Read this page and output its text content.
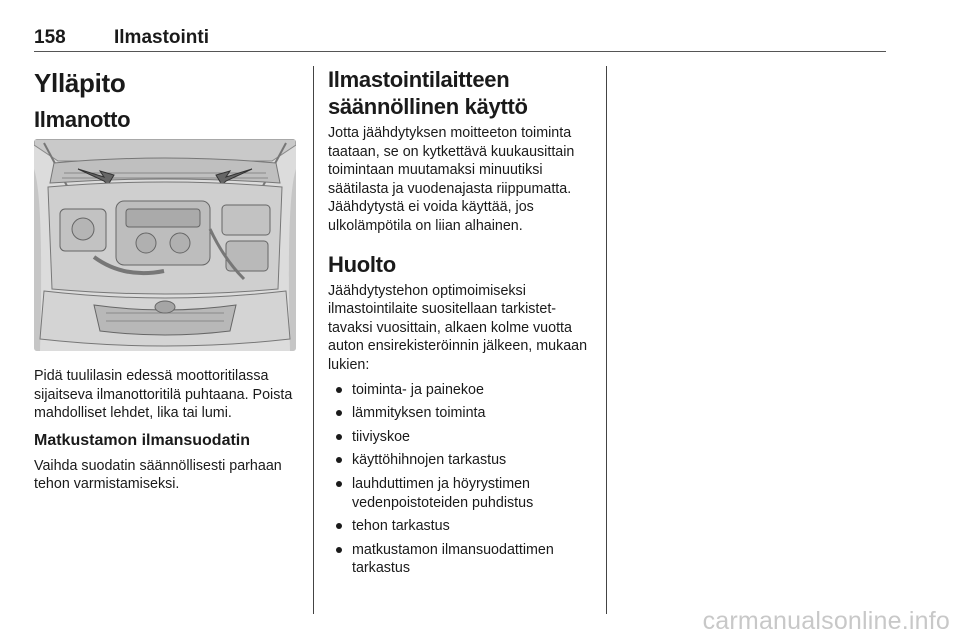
158	Ilmastointi
Ylläpito
Ilmanotto

Pidä tuulilasin edessä moottoritilassa sijaitseva ilmanottoritilä puhtaana. Poista mahdolliset lehdet, lika tai lumi.

Matkustamon ilmansuodatin

Vaihda suodatin säännöllisesti parhaan tehon varmistamiseksi.

Ilmastointilaitteen säännöllinen käyttö

Jotta jäähdytyksen moitteeton toiminta taataan, se on kytkettävä kuukausittain toimintaan muutamaksi minuutiksi säätilasta ja vuodenajasta riippumatta. Jäähdytystä ei voida käyttää, jos ulkolämpötila on liian alhainen.

Huolto

Jäähdytystehon optimoimiseksi ilmastointilaite suositellaan tarkistet- tavaksi vuosittain, alkaen kolme vuotta auton ensirekisteröinnin jälkeen, mukaan lukien:

toiminta- ja painekoe
lämmityksen toiminta
tiiviyskoe
käyttöhihnojen tarkastus
lauhduttimen ja höyrystimen vedenpoistoteiden puhdistus
tehon tarkastus
matkustamon ilmansuodattimen tarkastus
carmanualsonline.info
